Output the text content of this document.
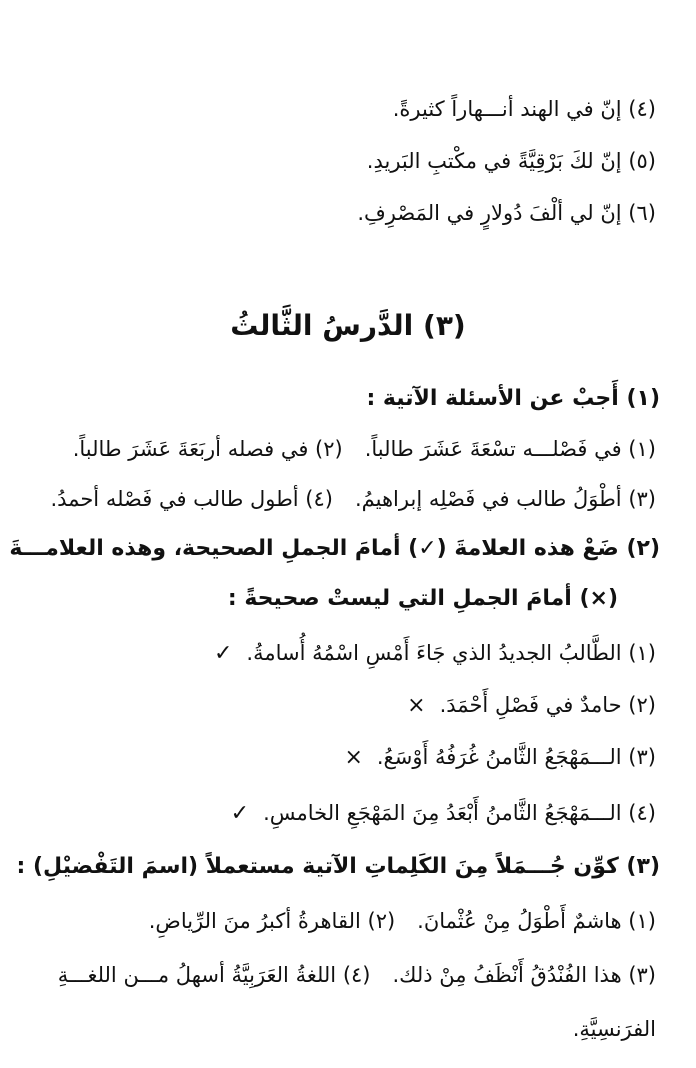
(٤) إنّ في الهند أنـــهاراً كثيرةً.
(٥) إنّ لكَ بَرْقِيَّةً في مكْتبِ البَريدِ.
(٦) إنّ لي ألْفَ دُولارٍ في المَصْرِفِ.
(٣) الدَّرسُ الثَّالثُ
(١) أَجبْ عن الأسئلة الآتية :
(١) في فَصْلـــه تسْعَةَ عَشَرَ طالباً.(٢) في فصله أربَعَةَ عَشَرَ طالباً.
(٣) أطْوَلُ طالب في فَصْلِه إبراهيمُ.(٤) أطول طالب في فَصْله أحمدُ.
(٢) ضَعْ هذه العلامةَ (✓) أمامَ الجملِ الصحيحة، وهذه العلامـــةَ
(×) أمامَ الجملِ التي ليستْ صحيحةً :
(١) الطَّالبُ الجديدُ الذي جَاءَ أَمْسِ اسْمُهُ أُسامةُ.✓
(٢) حامدٌ في فَصْلِ أَحْمَدَ.×
(٣) الـــمَهْجَعُ الثَّامنُ غُرَفُهُ أَوْسَعُ.×
(٤) الـــمَهْجَعُ الثَّامنُ أَبْعَدُ مِنَ المَهْجَعِ الخامسِ.✓
(٣) كوِّن جُـــمَلاً مِنَ الكَلِماتِ الآتية مستعملاً (اسمَ التَفْضيْلِ) :
(١) هاشمٌ أَطْوَلُ مِنْ عُثْمانَ.(٢) القاهرةُ أكبرُ منَ الرِّياضِ.
(٣) هذا الفُنْدُقُ أَنْظَفُ مِنْ ذلك.(٤) اللغةُ العَرَبِيَّةُ أسهلُ مـــن اللغـــةِ
الفرَنسِيَّةِ.
